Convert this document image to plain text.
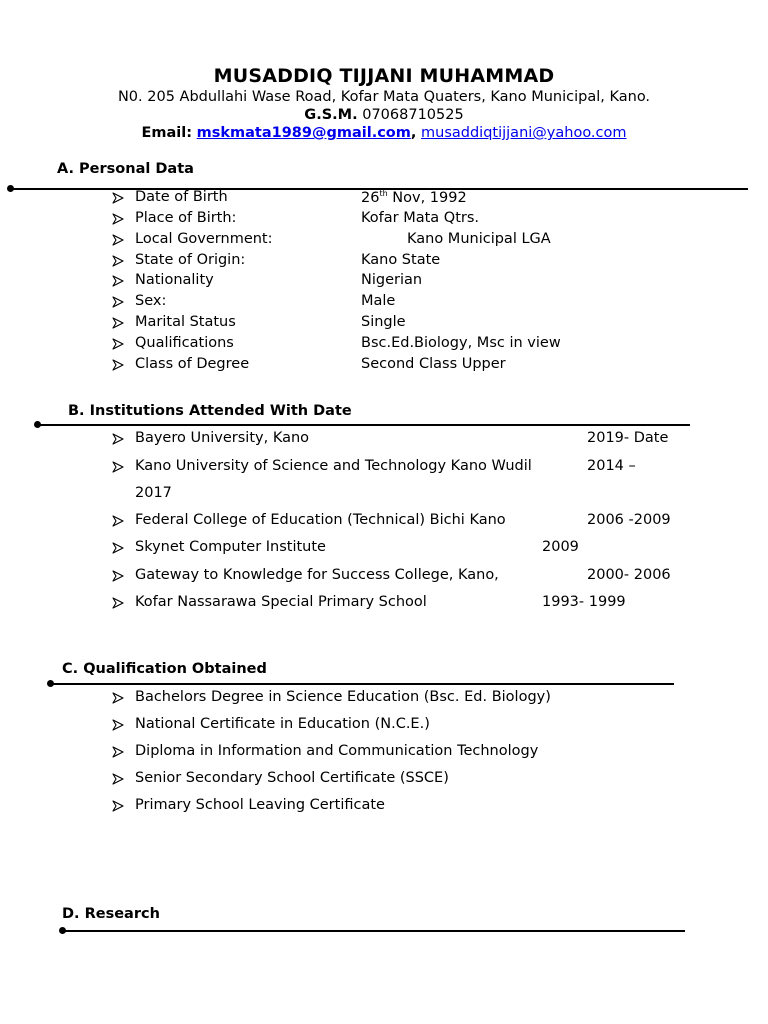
MUSADDIQ TIJJANI MUHAMMAD
N0. 205 Abdullahi Wase Road, Kofar Mata Quaters, Kano Municipal, Kano.
G.S.M. 07068710525
Email: mskmata1989@gmail.com, musaddiqtijjani@yahoo.com
A. Personal Data
Date of Birth	26th Nov, 1992
Place of Birth:	Kofar Mata Qtrs.
Local Government:	Kano Municipal LGA
State of Origin:	Kano State
Nationality	Nigerian
Sex:	Male
Marital Status	Single
Qualifications	Bsc.Ed.Biology, Msc in view
Class of Degree	Second Class Upper
B. Institutions Attended With Date
Bayero University, Kano	2019- Date
Kano University of Science and Technology Kano Wudil	2014 –
2017
Federal College of Education (Technical) Bichi Kano	2006 -2009
Skynet Computer Institute	2009
Gateway to Knowledge for Success College, Kano,	2000- 2006
Kofar Nassarawa Special Primary School	1993- 1999
C. Qualification Obtained
Bachelors Degree in Science Education (Bsc. Ed. Biology)
National Certificate in Education (N.C.E.)
Diploma in Information and Communication Technology
Senior Secondary School Certificate (SSCE)
Primary School Leaving Certificate
D. Research
